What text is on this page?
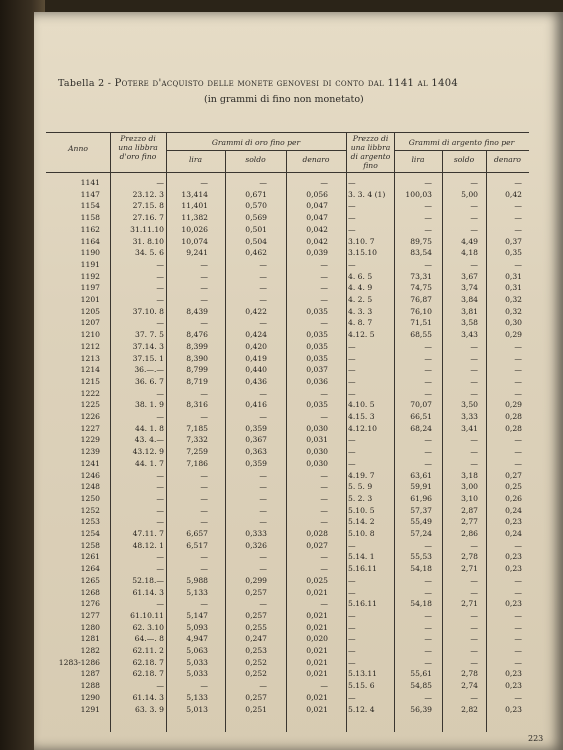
Tabella 2 - Potere d'acquisto delle monete genovesi di conto dal 1141 al 1404
(in grammi di fino non monetato)
Anno
Prezzo di una libbra d'oro fino
Grammi di oro fino per
lira	soldo	denaro
Prezzo di una libbra di argento fino
Grammi di argento fino per
lira	soldo	denaro
1141	—	—	—	—	—	—	—	—
1147	23.12. 3	13,414	0,671	0,056	3. 3. 4 (1)	100,03	5,00	0,42
1154	27.15. 8	11,401	0,570	0,047	—	—	—	—
1158	27.16. 7	11,382	0,569	0,047	—	—	—	—
1162	31.11.10	10,026	0,501	0,042	—	—	—	—
1164	31. 8.10	10,074	0,504	0,042	3.10. 7	89,75	4,49	0,37
1190	34. 5. 6	9,241	0,462	0,039	3.15.10	83,54	4,18	0,35
1191	—	—	—	—	—	—	—	—
1192	—	—	—	—	4. 6. 5	73,31	3,67	0,31
1197	—	—	—	—	4. 4. 9	74,75	3,74	0,31
1201	—	—	—	—	4. 2. 5	76,87	3,84	0,32
1205	37.10. 8	8,439	0,422	0,035	4. 3. 3	76,10	3,81	0,32
1207	—	—	—	—	4. 8. 7	71,51	3,58	0,30
1210	37. 7. 5	8,476	0,424	0,035	4.12. 5	68,55	3,43	0,29
1212	37.14. 3	8,399	0,420	0,035	—	—	—	—
1213	37.15. 1	8,390	0,419	0,035	—	—	—	—
1214	36.—.—	8,799	0,440	0,037	—	—	—	—
1215	36. 6. 7	8,719	0,436	0,036	—	—	—	—
1222	—	—	—	—	—	—	—	—
1225	38. 1. 9	8,316	0,416	0,035	4.10. 5	70,07	3,50	0,29
1226	—	—	—	—	4.15. 3	66,51	3,33	0,28
1227	44. 1. 8	7,185	0,359	0,030	4.12.10	68,24	3,41	0,28
1229	43. 4.—	7,332	0,367	0,031	—	—	—	—
1239	43.12. 9	7,259	0,363	0,030	—	—	—	—
1241	44. 1. 7	7,186	0,359	0,030	—	—	—	—
1246	—	—	—	—	4.19. 7	63,61	3,18	0,27
1248	—	—	—	—	5. 5. 9	59,91	3,00	0,25
1250	—	—	—	—	5. 2. 3	61,96	3,10	0,26
1252	—	—	—	—	5.10. 5	57,37	2,87	0,24
1253	—	—	—	—	5.14. 2	55,49	2,77	0,23
1254	47.11. 7	6,657	0,333	0,028	5.10. 8	57,24	2,86	0,24
1258	48.12. 1	6,517	0,326	0,027	—	—	—	—
1261	—	—	—	—	5.14. 1	55,53	2,78	0,23
1264	—	—	—	—	5.16.11	54,18	2,71	0,23
1265	52.18.—	5,988	0,299	0,025	—	—	—	—
1268	61.14. 3	5,133	0,257	0,021	—	—	—	—
1276	—	—	—	—	5.16.11	54,18	2,71	0,23
1277	61.10.11	5,147	0,257	0,021	—	—	—	—
1280	62. 3.10	5,093	0,255	0,021	—	—	—	—
1281	64.—. 8	4,947	0,247	0,020	—	—	—	—
1282	62.11. 2	5,063	0,253	0,021	—	—	—	—
1283-1286	62.18. 7	5,033	0,252	0,021	—	—	—	—
1287	62.18. 7	5,033	0,252	0,021	5.13.11	55,61	2,78	0,23
1288	—	—	—	—	5.15. 6	54,85	2,74	0,23
1290	61.14. 3	5,133	0,257	0,021	—	—	—	—
1291	63. 3. 9	5,013	0,251	0,021	5.12. 4	56,39	2,82	0,23
223
